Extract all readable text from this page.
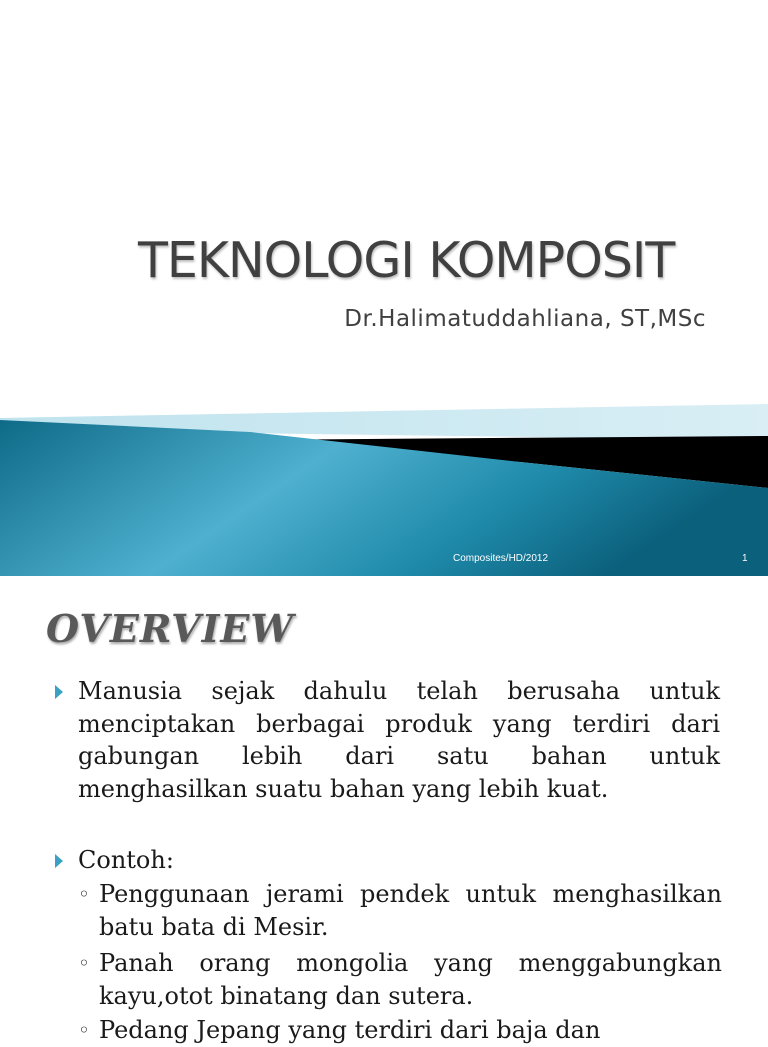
TEKNOLOGI KOMPOSIT
Dr.Halimatuddahliana, ST,MSc
Composites/HD/2012	1
OVERVIEW

Manusia sejak dahulu telah berusaha untuk menciptakan berbagai produk yang terdiri dari gabungan lebih dari satu bahan untuk menghasilkan suatu bahan yang lebih kuat.

Contoh:

◦ Penggunaan jerami pendek untuk menghasilkan batu bata di Mesir.
◦ Panah orang mongolia yang menggabungkan kayu,otot binatang dan sutera.
◦ Pedang Jepang yang terdiri dari baja dan
